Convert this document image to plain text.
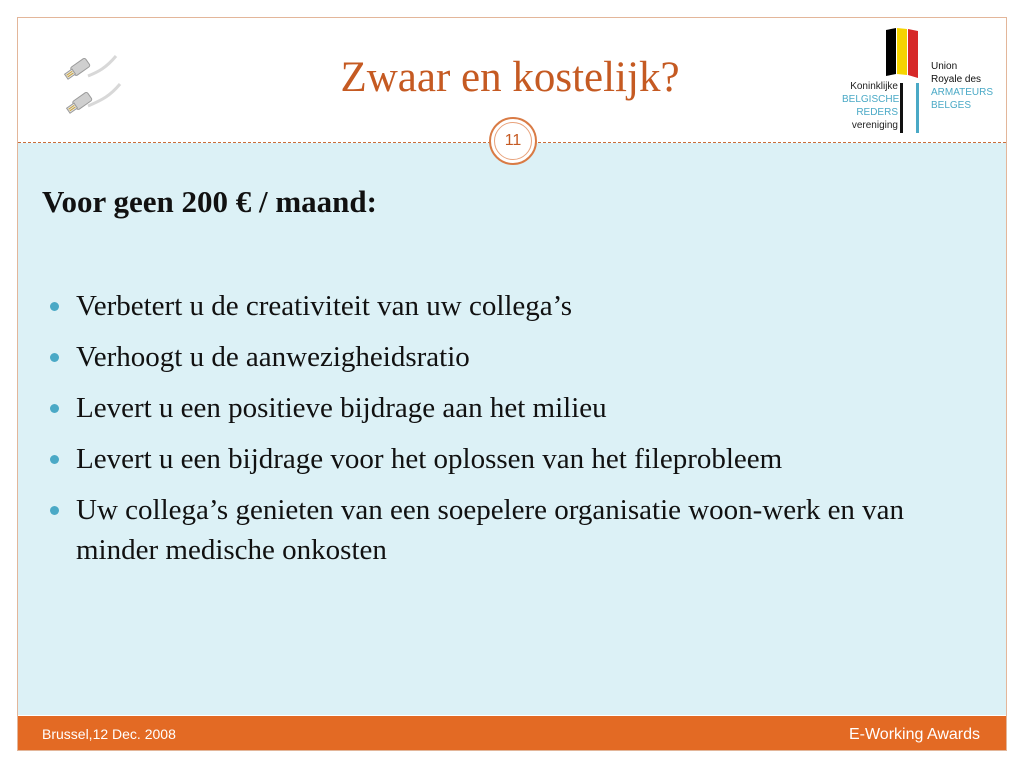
Zwaar en kostelijk?	Koninklijke
BELGISCHE
REDERS
vereniging
Union
Royale des
ARMATEURS
BELGES
11
Voor geen 200 € / maand:
Verbetert u de creativiteit van uw collega’s
Verhoogt u de aanwezigheidsratio
Levert u een positieve bijdrage aan het milieu
Levert u een bijdrage voor het oplossen van het fileprobleem
Uw collega’s genieten van een soepelere organisatie woon-werk en van minder medische onkosten
Brussel,12 Dec. 2008	E-Working Awards
